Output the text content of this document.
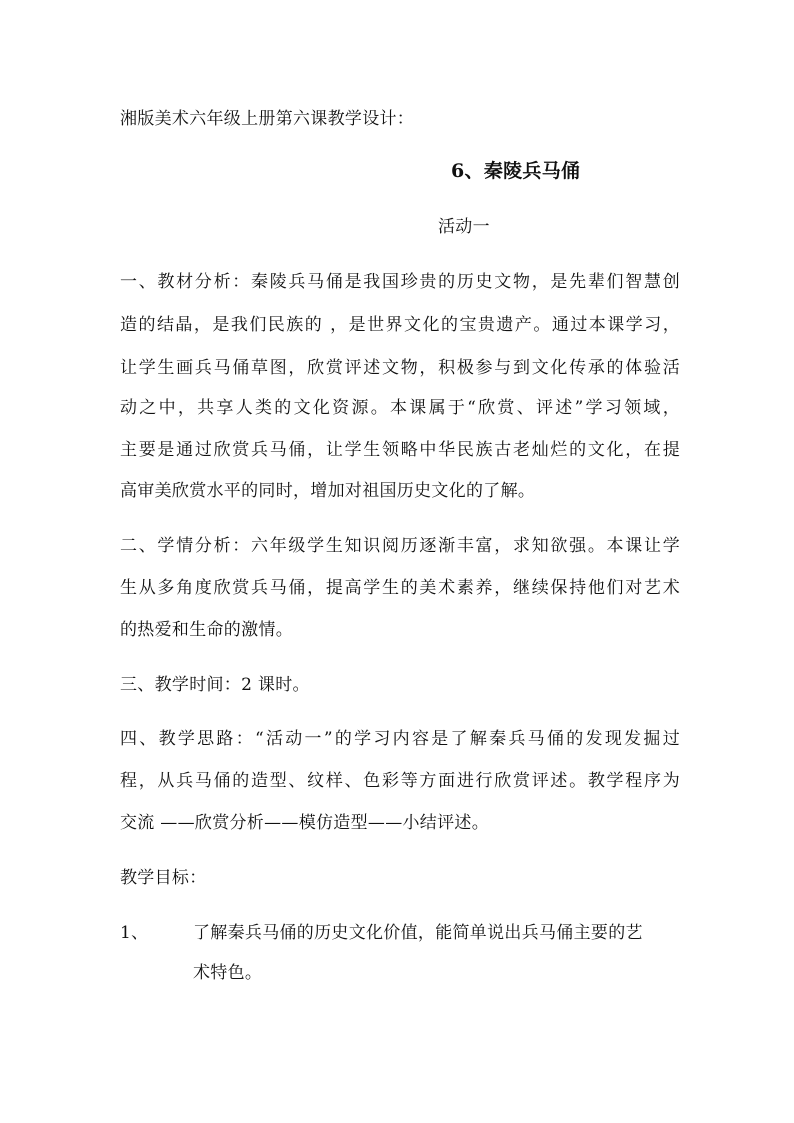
湘版美术六年级上册第六课教学设计：
6、秦陵兵马俑
活动一
一、教材分析：秦陵兵马俑是我国珍贵的历史文物，是先辈们智慧创
造的结晶，是我们民族的 ，是世界文化的宝贵遗产。通过本课学习，
让学生画兵马俑草图，欣赏评述文物，积极参与到文化传承的体验活
动之中，共享人类的文化资源。本课属于“欣赏、评述”学习领域，
主要是通过欣赏兵马俑，让学生领略中华民族古老灿烂的文化，在提
高审美欣赏水平的同时，增加对祖国历史文化的了解。
二、学情分析：六年级学生知识阅历逐渐丰富，求知欲强。本课让学
生从多角度欣赏兵马俑，提高学生的美术素养，继续保持他们对艺术
的热爱和生命的激情。
三、教学时间：2 课时。
四、教学思路：“活动一”的学习内容是了解秦兵马俑的发现发掘过
程，从兵马俑的造型、纹样、色彩等方面进行欣赏评述。教学程序为
交流 ——欣赏分析——模仿造型——小结评述。
教学目标：
1、	了解秦兵马俑的历史文化价值，能简单说出兵马俑主要的艺
术特色。
